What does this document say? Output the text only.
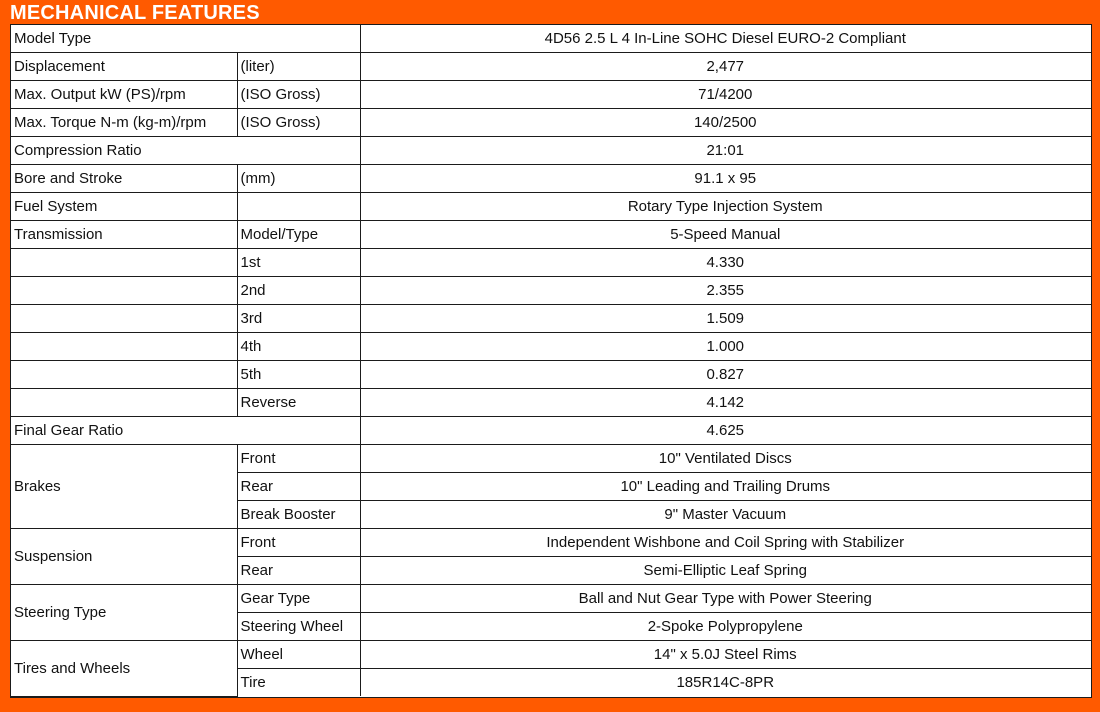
MECHANICAL FEATURES
Model Type		4D56 2.5 L 4 In-Line SOHC Diesel EURO-2 Compliant
Displacement	(liter)	2,477
Max. Output kW (PS)/rpm	(ISO Gross)	71/4200
Max. Torque N-m (kg-m)/rpm	(ISO Gross)	140/2500
Compression Ratio		21:01
Bore and Stroke	(mm)	91.1 x 95
Fuel System		Rotary Type Injection System
Transmission	Model/Type	5-Speed Manual
	1st	4.330
	2nd	2.355
	3rd	1.509
	4th	1.000
	5th	0.827
	Reverse	4.142
Final Gear Ratio		4.625
Brakes	Front	10" Ventilated Discs
	Rear	10" Leading and Trailing Drums
	Break Booster	9" Master Vacuum
Suspension	Front	Independent Wishbone and Coil Spring with Stabilizer
	Rear	Semi-Elliptic Leaf Spring
Steering Type	Gear Type	Ball and Nut Gear Type with Power Steering
	Steering Wheel	2-Spoke Polypropylene
Tires and Wheels	Wheel	14" x 5.0J Steel Rims
	Tire	185R14C-8PR
